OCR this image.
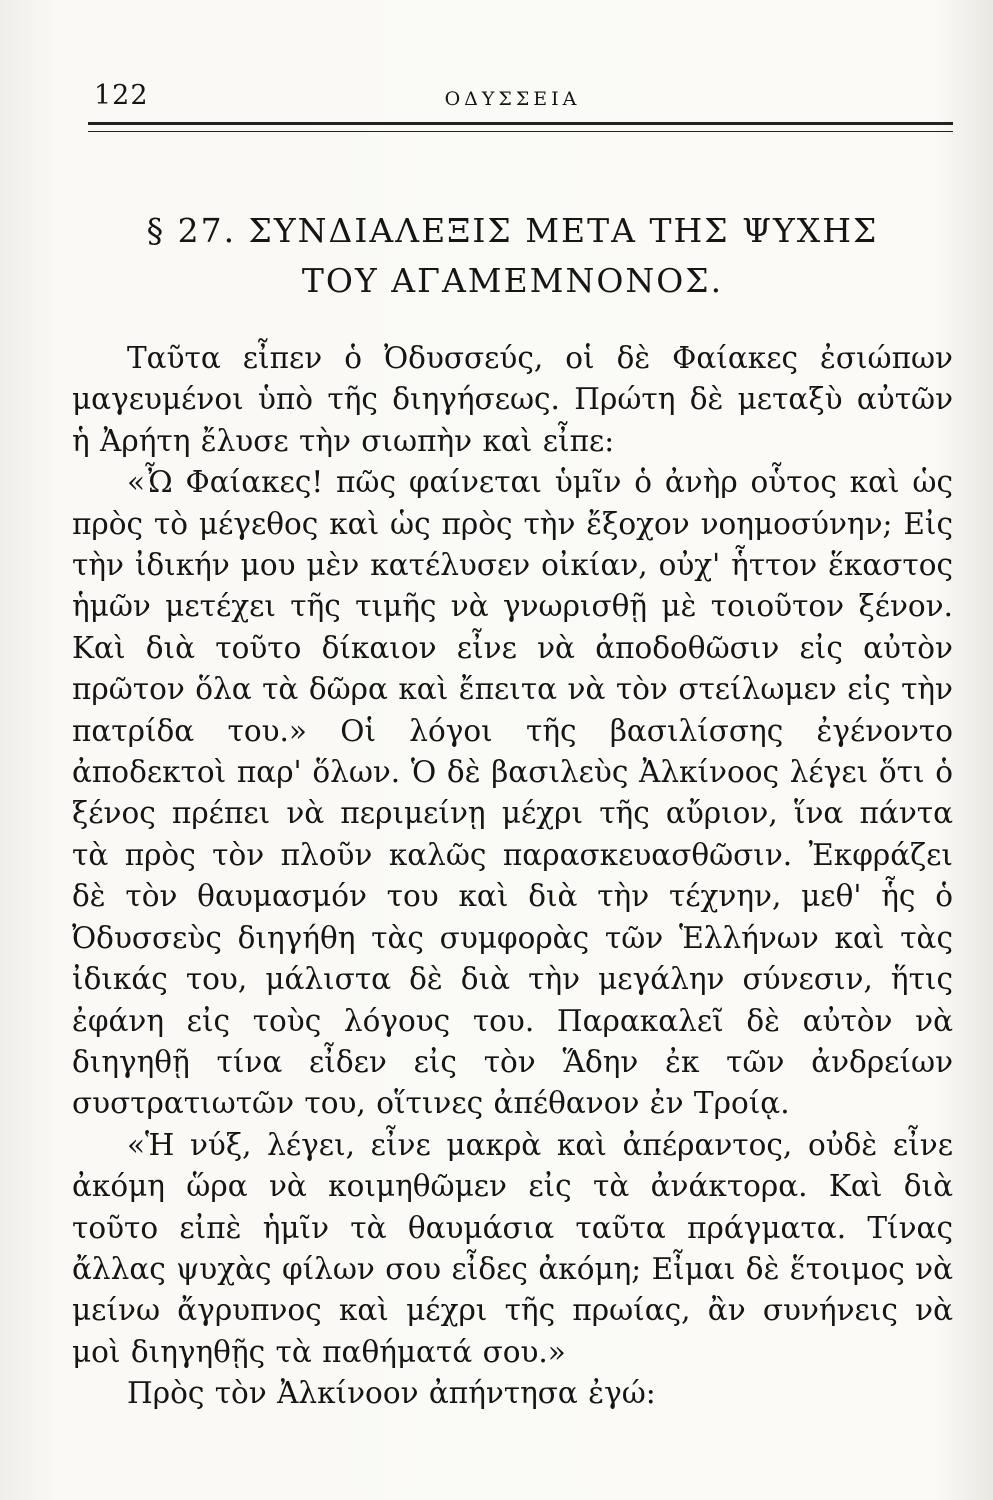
122	ΟΔΥΣΣΕΙΑ
§ 27. ΣΥΝΔΙΑΛΕΞΙΣ ΜΕΤΑ ΤΗΣ ΨΥΧΗΣ
ΤΟΥ ΑΓΑΜΕΜΝΟΝΟΣ.

Ταῦτα εἶπεν ὁ Ὀδυσσεύς, οἱ δὲ Φαίακες ἐσιώπων μαγευμένοι ὑπὸ τῆς διηγήσεως. Πρώτη δὲ μεταξὺ αὐτῶν ἡ Ἀρήτη ἔλυσε τὴν σιωπὴν καὶ εἶπε:

«Ὦ Φαίακες! πῶς φαίνεται ὑμῖν ὁ ἀνὴρ οὗτος καὶ ὡς πρὸς τὸ μέγεθος καὶ ὡς πρὸς τὴν ἔξοχον νοημοσύνην; Εἰς τὴν ἰδικήν μου μὲν κατέλυσεν οἰκίαν, οὐχ' ἧττον ἕκαστος ἡμῶν μετέχει τῆς τιμῆς νὰ γνωρισθῇ μὲ τοιοῦτον ξένον. Καὶ διὰ τοῦτο δίκαιον εἶνε νὰ ἀποδοθῶσιν εἰς αὐτὸν πρῶτον ὅλα τὰ δῶρα καὶ ἔπειτα νὰ τὸν στείλωμεν εἰς τὴν πατρίδα του.» Οἱ λόγοι τῆς βασιλίσσης ἐγένοντο ἀποδεκτοὶ παρ' ὅλων. Ὁ δὲ βασιλεὺς Ἀλκίνοος λέγει ὅτι ὁ ξένος πρέπει νὰ περιμείνῃ μέχρι τῆς αὔριον, ἵνα πάντα τὰ πρὸς τὸν πλοῦν καλῶς παρασκευασθῶσιν. Ἐκφράζει δὲ τὸν θαυμασμόν του καὶ διὰ τὴν τέχνην, μεθ' ἧς ὁ Ὀδυσσεὺς διηγήθη τὰς συμφορὰς τῶν Ἑλλήνων καὶ τὰς ἰδικάς του, μάλιστα δὲ διὰ τὴν μεγάλην σύνεσιν, ἥτις ἐφάνη εἰς τοὺς λόγους του. Παρακαλεῖ δὲ αὐτὸν νὰ διηγηθῇ τίνα εἶδεν εἰς τὸν Ἅδην ἐκ τῶν ἀνδρείων συστρατιωτῶν του, οἵτινες ἀπέθανον ἐν Τροίᾳ.

«Ἡ νύξ, λέγει, εἶνε μακρὰ καὶ ἀπέραντος, οὐδὲ εἶνε ἀκόμη ὥρα νὰ κοιμηθῶμεν εἰς τὰ ἀνάκτορα. Καὶ διὰ τοῦτο εἰπὲ ἡμῖν τὰ θαυμάσια ταῦτα πράγματα. Τίνας ἄλλας ψυχὰς φίλων σου εἶδες ἀκόμη; Εἶμαι δὲ ἕτοιμος νὰ μείνω ἄγρυπνος καὶ μέχρι τῆς πρωίας, ἂν συνήνεις νὰ μοὶ διηγηθῇς τὰ παθήματά σου.»

Πρὸς τὸν Ἀλκίνοον ἀπήντησα ἐγώ:
